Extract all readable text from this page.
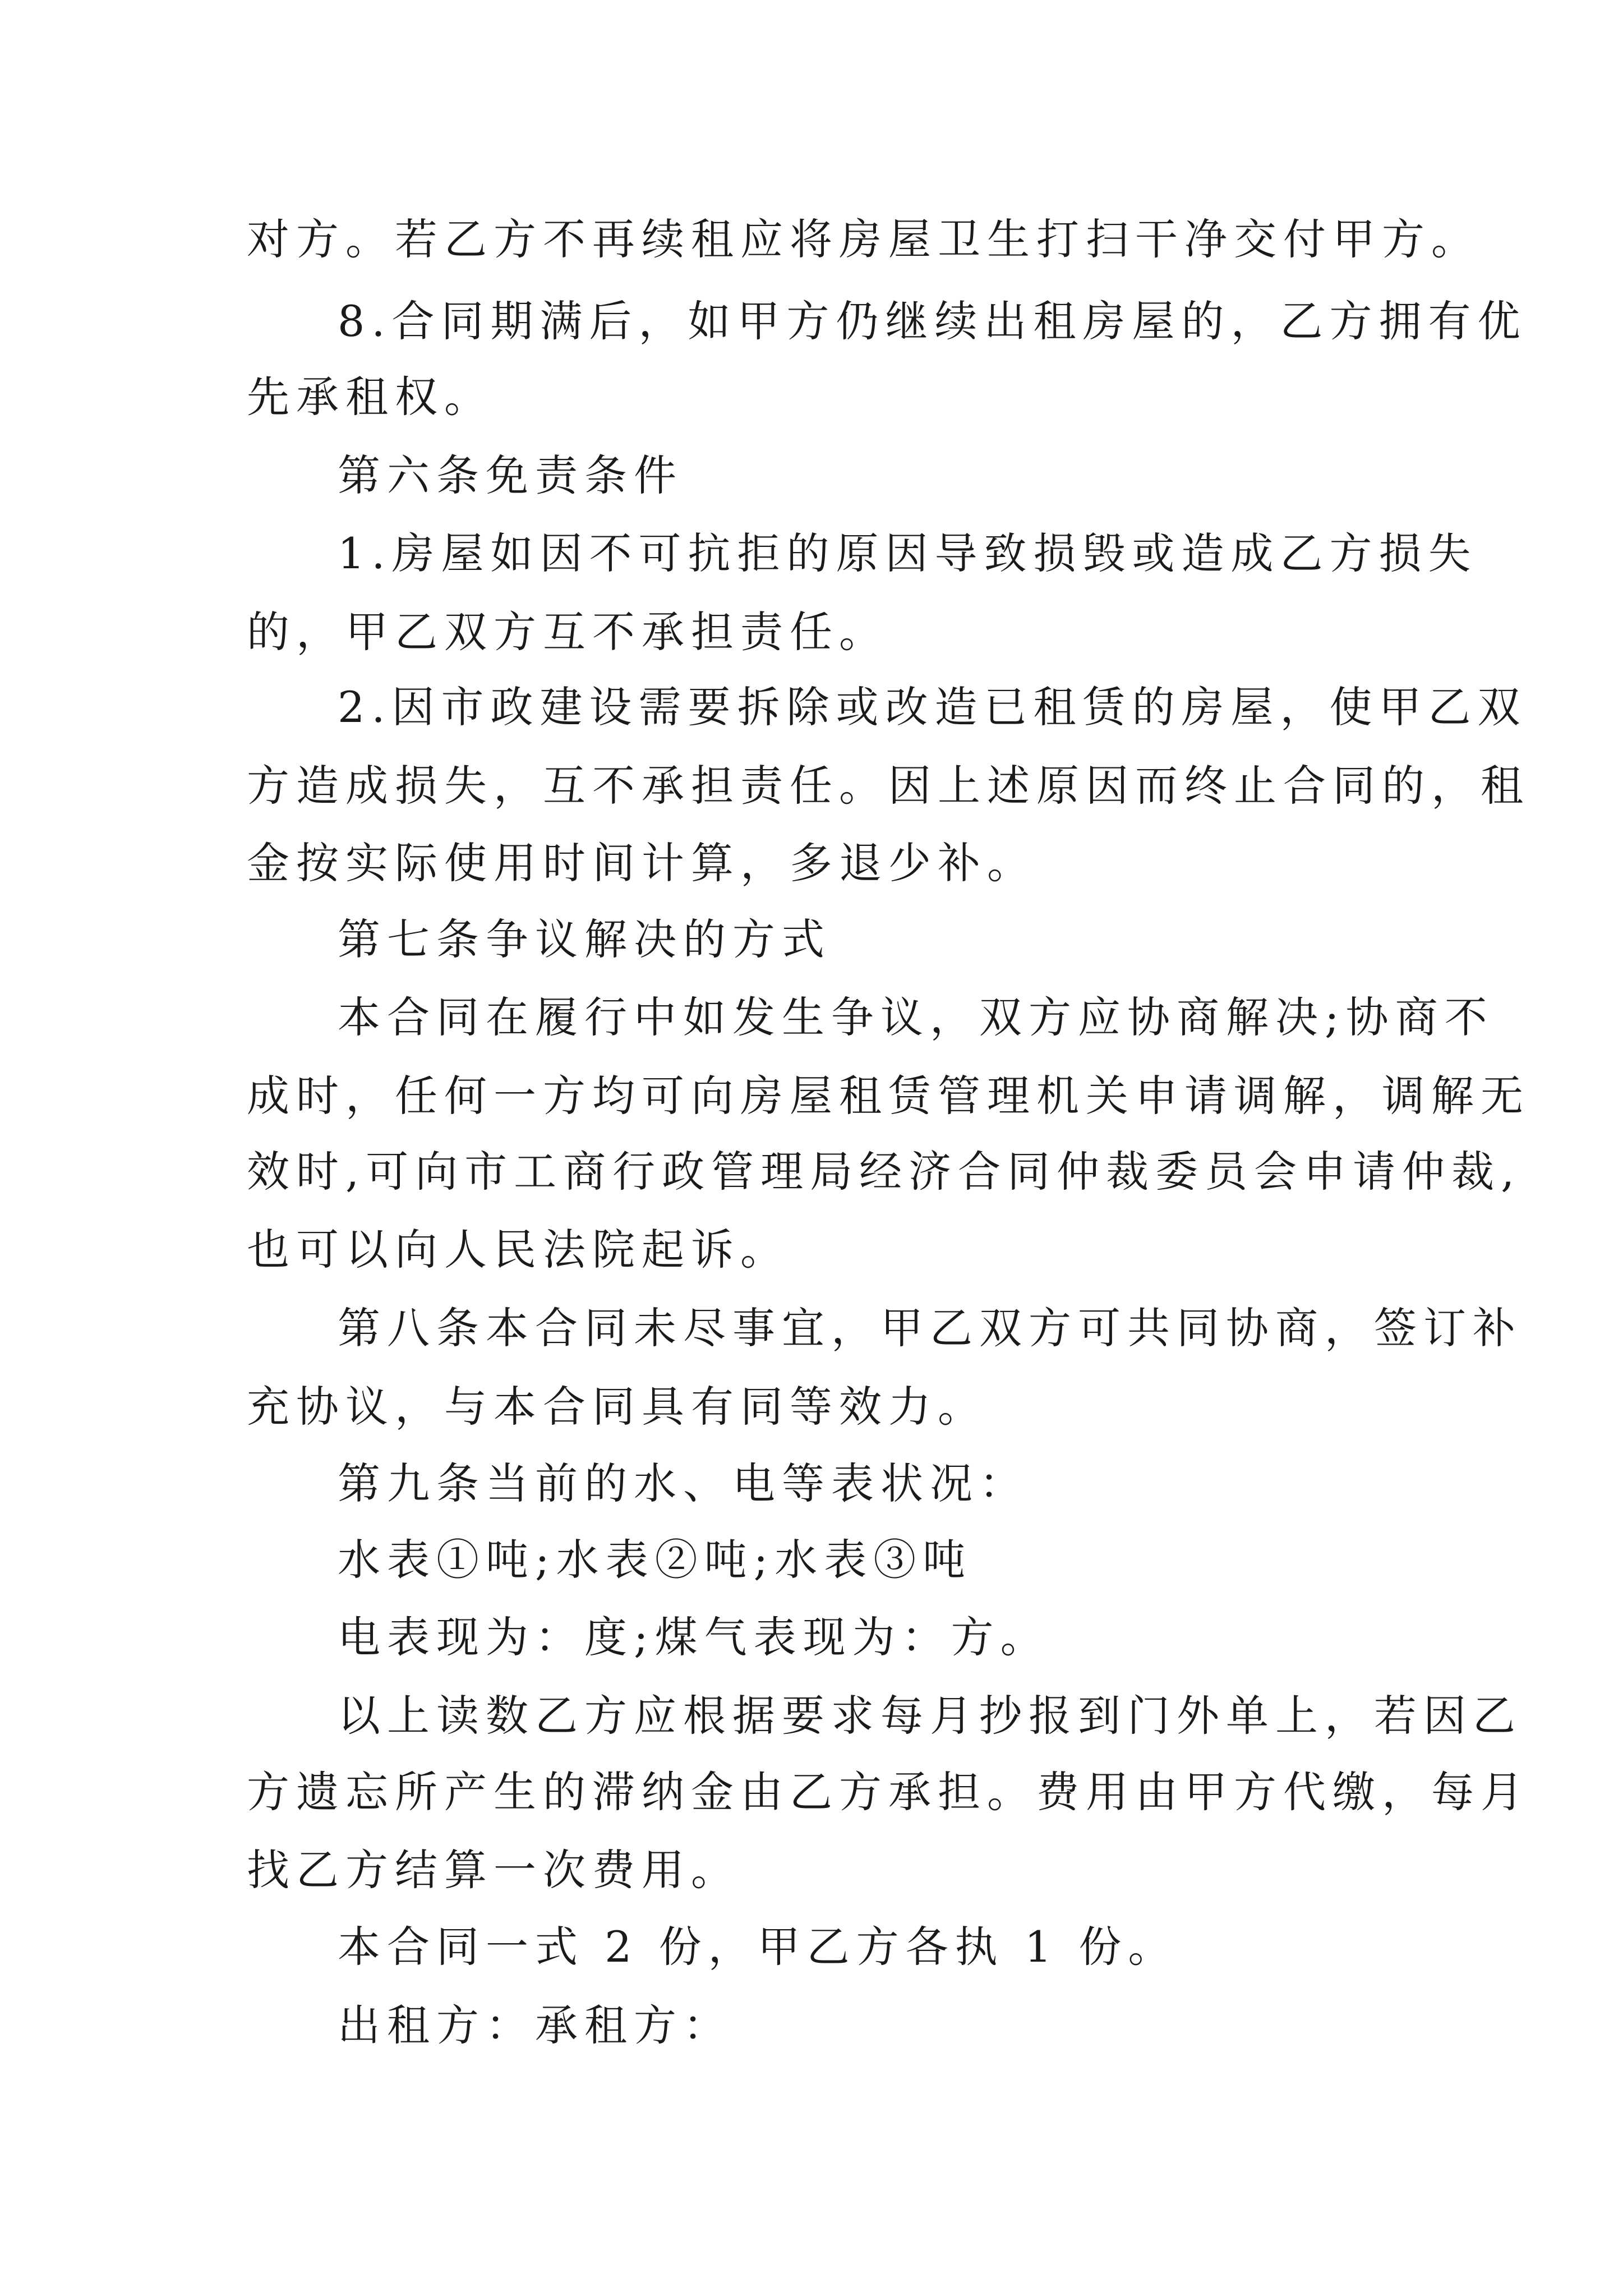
对方。若乙方不再续租应将房屋卫生打扫干净交付甲方。
8.合同期满后，如甲方仍继续出租房屋的，乙方拥有优
先承租权。
第六条免责条件
1.房屋如因不可抗拒的原因导致损毁或造成乙方损失
的，甲乙双方互不承担责任。
2.因市政建设需要拆除或改造已租赁的房屋，使甲乙双
方造成损失，互不承担责任。因上述原因而终止合同的，租
金按实际使用时间计算，多退少补。
第七条争议解决的方式
本合同在履行中如发生争议，双方应协商解决;协商不
成时，任何一方均可向房屋租赁管理机关申请调解，调解无
效时,可向市工商行政管理局经济合同仲裁委员会申请仲裁,
也可以向人民法院起诉。
第八条本合同未尽事宜，甲乙双方可共同协商，签订补
充协议，与本合同具有同等效力。
第九条当前的水、电等表状况：
水表①吨;水表②吨;水表③吨
电表现为：度;煤气表现为：方。
以上读数乙方应根据要求每月抄报到门外单上，若因乙
方遗忘所产生的滞纳金由乙方承担。费用由甲方代缴，每月
找乙方结算一次费用。
本合同一式 2 份，甲乙方各执 1 份。
出租方：承租方：
